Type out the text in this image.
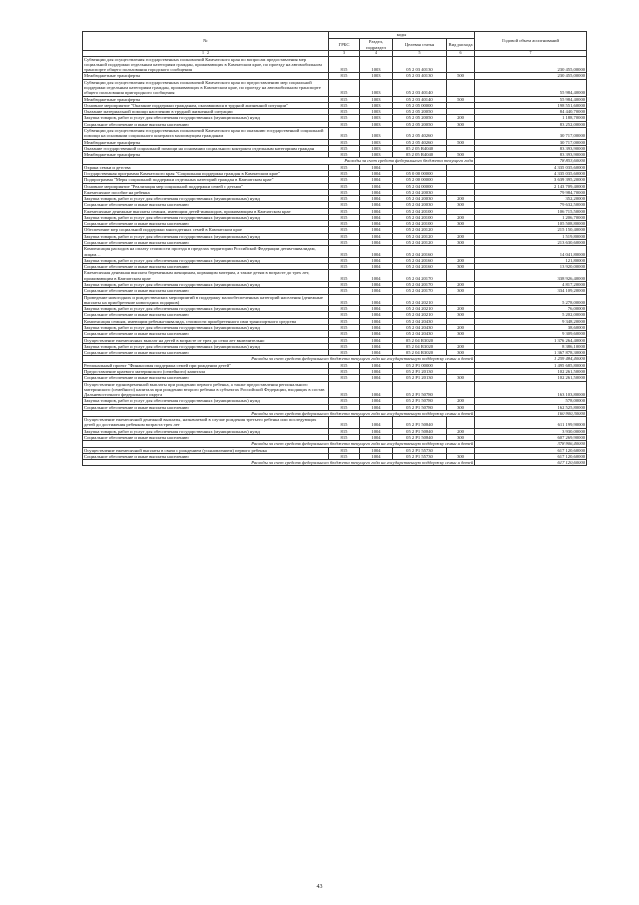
№	коды				Годовой объем ассигнований
	ГРБС	Раздел, подраздел	Целевая статья	Вид расхода	
1 2	3	4	5	6	7
Субвенции для осуществления государственных полномочий Камчатского края по вопросам предоставления мер социальной поддержки отдельным категориям граждан, проживающих в Камчатском крае, по проезду на автомобильном транспорте общего пользования городского сообщения	815	1003	05 2 03 40130		230 455,00000
Межбюджетные трансферты	815	1003	05 2 03 40130	500	230 455,00000
Субвенции для осуществления государственных полномочий Камчатского края по предоставлению мер социальной поддержки отдельным категориям граждан, проживающих в Камчатском крае, по проезду на автомобильном транспорте общего пользования пригородного сообщения	815	1003	05 2 03 40140		55 984,40000
Межбюджетные трансферты	815	1003	05 2 03 40140	500	55 984,40000
Основное мероприятие "Оказание поддержки гражданам, оказавшимся в трудной жизненной ситуации"	815	1003	05 2 05 00000		198 551,60000
Оказание материальной помощи населению в трудной жизненной ситуации	815	1003	05 2 05 20050		84 440,70000
Закупка товаров, работ и услуг для обеспечения государственных (муниципальных) нужд	815	1003	05 2 05 20050	200	1 188,70000
Социальное обеспечение и иные выплаты населению	815	1003	05 2 05 20050	300	83 252,00000
Субвенции для осуществления государственных полномочий Камчатского края по оказанию государственной социальной помощи на основании социального контракта малоимущим гражданам	815	1003	05 2 05 40260		30 717,00000
Межбюджетные трансферты	815	1003	05 2 05 40260	500	30 717,00000
Оказание государственной социальной помощи на основании социального контракта отдельным категориям граждан	815	1003	05 2 05 R4040		83 393,90000
Межбюджетные трансферты	815	1003	05 2 05 R4040	500	83 393,90000
Расходы за счет средств федерального бюджета текущего года					78 853,60000
Охрана семьи и детства	815	1004			4 335 035,60000
Государственная программа Камчатского края "Социальная поддержка граждан в Камчатском крае"	815	1004	05 0 00 00000		4 335 035,60000
Подпрограмма "Меры социальной поддержки отдельных категорий граждан в Камчатском крае"	815	1004	05 2 00 00000		3 639 395,20000
Основное мероприятие "Реализация мер социальной поддержки семей с детьми"	815	1004	05 2 04 00000		2 143 709,40000
Ежемесячное пособие на ребенка	815	1004	05 2 04 20030		79 984,70000
Закупка товаров, работ и услуг для обеспечения государственных (муниципальных) нужд	815	1004	05 2 04 20030	200	352,20000
Социальное обеспечение и иные выплаты населению	815	1004	05 2 04 20030	300	79 632,50000
Ежемесячные денежные выплаты семьям, имеющим детей-инвалидов, проживающим в Камчатском крае	815	1004	05 2 04 20100		106 715,50000
Закупка товаров, работ и услуг для обеспечения государственных (муниципальных) нужд	815	1004	05 2 04 20100	200	1 206,70000
Социальное обеспечение и иные выплаты населению	815	1004	05 2 04 20100	300	105 508,80000
Обеспечение мер социальной поддержки многодетных семей в Камчатском крае	815	1004	05 2 04 20120		215 150,40000
Закупка товаров, работ и услуг для обеспечения государственных (муниципальных) нужд	815	1004	05 2 04 20120	200	1 519,80000
Социальное обеспечение и иные выплаты населению	815	1004	05 2 04 20120	300	213 630,60000
Компенсация расходов на оплату стоимости проезда в пределах территории Российской Федерации детям-инвалидам, лицам…	815	1004	05 2 04 20160		14 041,80000
Закупка товаров, работ и услуг для обеспечения государственных (муниципальных) нужд	815	1004	05 2 04 20160	200	121,80000
Социальное обеспечение и иные выплаты населению	815	1004	05 2 04 20160	300	13 920,00000
Ежемесячная денежная выплата беременным женщинам, кормящим матерям, а также детям в возрасте до трех лет, проживающим в Камчатском крае	815	1004	05 2 04 20170		338 926,40000
Закупка товаров, работ и услуг для обеспечения государственных (муниципальных) нужд	815	1004	05 2 04 20170	200	4 817,20000
Социальное обеспечение и иные выплаты населению	815	1004	05 2 04 20170	300	334 109,20000
Проведение новогодних и рождественских мероприятий в поддержку малообеспеченных категорий населения (денежные выплаты на приобретение новогодних подарков)	815	1004	05 2 04 20210		5 278,00000
Закупка товаров, работ и услуг для обеспечения государственных (муниципальных) нужд	815	1004	05 2 04 20210	200	76,00000
Социальное обеспечение и иные выплаты населению	815	1004	05 2 04 20210	300	5 202,00000
Компенсация семьям, имеющим ребенка-инвалида, стоимости приобретенного ими транспортного средства	815	1004	05 2 04 20430		9 348,20000
Закупка товаров, работ и услуг для обеспечения государственных (муниципальных) нужд	815	1004	05 2 04 20430	200	38,60000
Социальное обеспечение и иные выплаты населению	815	1004	05 2 04 20430	300	9 309,60000
Осуществление ежемесячных выплат на детей в возрасте от трех до семи лет включительно	815	1004	05 2 04 R3020		1 376 264,40000
Закупка товаров, работ и услуг для обеспечения государственных (муниципальных) нужд	815	1004	05 2 04 R3020	200	8 386,10000
Социальное обеспечение и иные выплаты населению	815	1004	05 2 04 R3020	300	1 367 878,30000
Расходы за счет средств федерального бюджета текущего года на государственную поддержку семьи и детей					1 259 484,40000
Региональный проект "Финансовая поддержка семей при рождении детей"	815	1004	05 2 P1 00000		1 495 685,80000
Предоставление краевого материнского (семейного) капитала	815	1004	05 2 P1 20130		102 261,50000
Социальное обеспечение и иные выплаты населению	815	1004	05 2 P1 20130	300	102 261,50000
Осуществление единовременной выплаты при рождении первого ребенка, а также предоставления регионального материнского (семейного) капитала при рождении второго ребенка в субъектах Российской Федерации, входящих в состав Дальневосточного федерального округа	815	1004	05 2 P1 50780		163 103,80000
Закупка товаров, работ и услуг для обеспечения государственных (муниципальных) нужд	815	1004	05 2 P1 50780	200	578,00000
Социальное обеспечение и иные выплаты населению	815	1004	05 2 P1 50780	300	162 525,80000
Расходы за счет средств федерального бюджета текущего года на государственную поддержку семьи и детей					160 900,30000
Осуществление ежемесячной денежной выплаты, назначаемой в случае рождения третьего ребенка или последующих детей до достижения ребенком возраста трех лет	815	1004	05 2 P1 50840		611 199,90000
Закупка товаров, работ и услуг для обеспечения государственных (муниципальных) нужд	815	1004	05 2 P1 50840	200	3 930,00000
Социальное обеспечение и иные выплаты населению	815	1004	05 2 P1 50840	300	607 269,90000
Расходы за счет средств федерального бюджета текущего года на государственную поддержку семьи и детей					378 906,40000
Осуществление ежемесячной выплаты в связи с рождением (усыновлением) первого ребенка	815	1004	05 2 P1 55730		617 120,60000
Социальное обеспечение и иные выплаты населению	815	1004	05 2 P1 55730	300	617 120,60000
Расходы за счет средств федерального бюджета текущего года на государственную поддержку семьи и детей					617 120,60000
43
